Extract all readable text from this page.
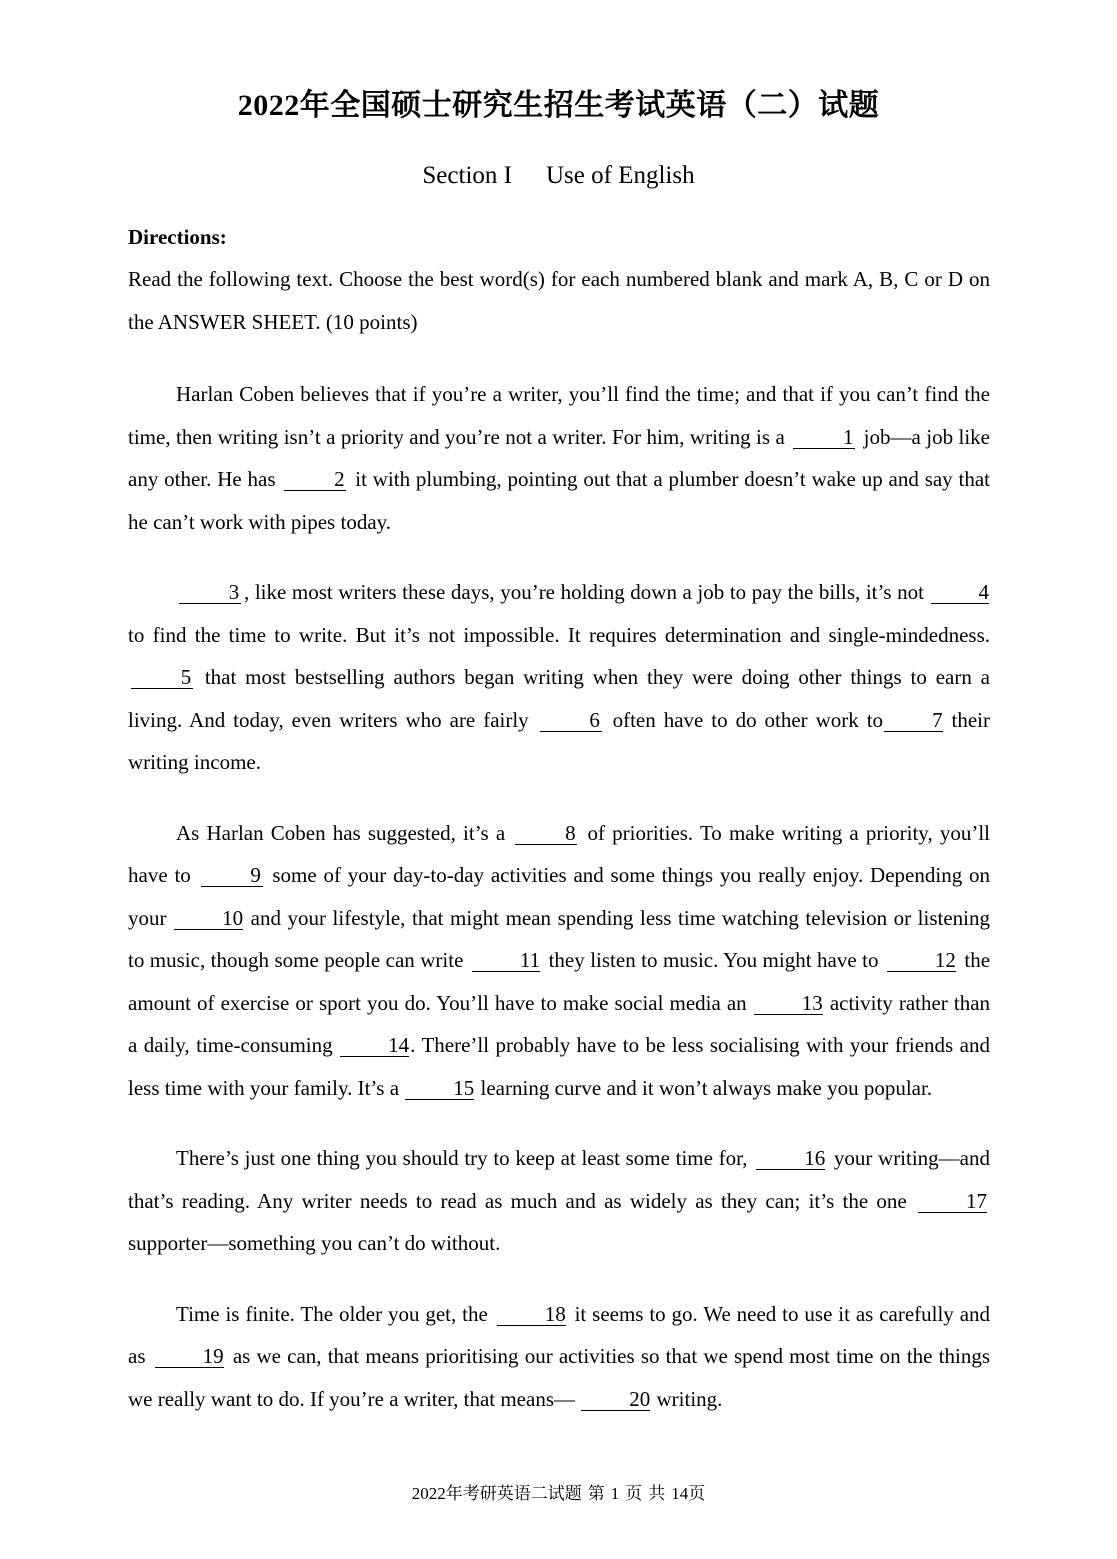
2022年全国硕士研究生招生考试英语（二）试题
Section I Use of English

Directions:

Read the following text. Choose the best word(s) for each numbered blank and mark A, B, C or D on the ANSWER SHEET. (10 points)

Harlan Coben believes that if you’re a writer, you’ll find the time; and that if you can’t find the time, then writing isn’t a priority and you’re not a writer. For him, writing is a	1 job—a job like any other. He has	2 it with plumbing, pointing out that a plumber doesn’t wake up and say that he can’t work with pipes today.

3 , like most writers these days, you’re holding down a job to pay the bills, it’s not	4 to find the time to write. But it’s not impossible. It requires determination and single-mindedness. 5 that most bestselling authors began writing when they were doing other things to earn a living. And today, even writers who are fairly	6 often have to do other work to 7 their writing income.

As Harlan Coben has suggested, it’s a	8 of priorities. To make writing a priority, you’ll have to	9 some of your day-to-day activities and some things you really enjoy. Depending on your	10 and your lifestyle, that might mean spending less time watching television or listening to music, though some people can write	11 they listen to music. You might have to	12 the amount of exercise or sport you do. You’ll have to make social media an	13 activity rather than a daily, time-consuming	14. There’ll probably have to be less socialising with your friends and less time with your family. It’s a	15 learning curve and it won’t always make you popular.

There’s just one thing you should try to keep at least some time for,	16 your writing—and that’s reading. Any writer needs to read as much and as widely as they can; it’s the one	17 supporter—something you can’t do without.

Time is finite. The older you get, the	18 it seems to go. We need to use it as carefully and as	19 as we can, that means prioritising our activities so that we spend most time on the things we really want to do. If you’re a writer, that means—	20 writing.

2022年考研英语二试题 第 1 页 共 14页
